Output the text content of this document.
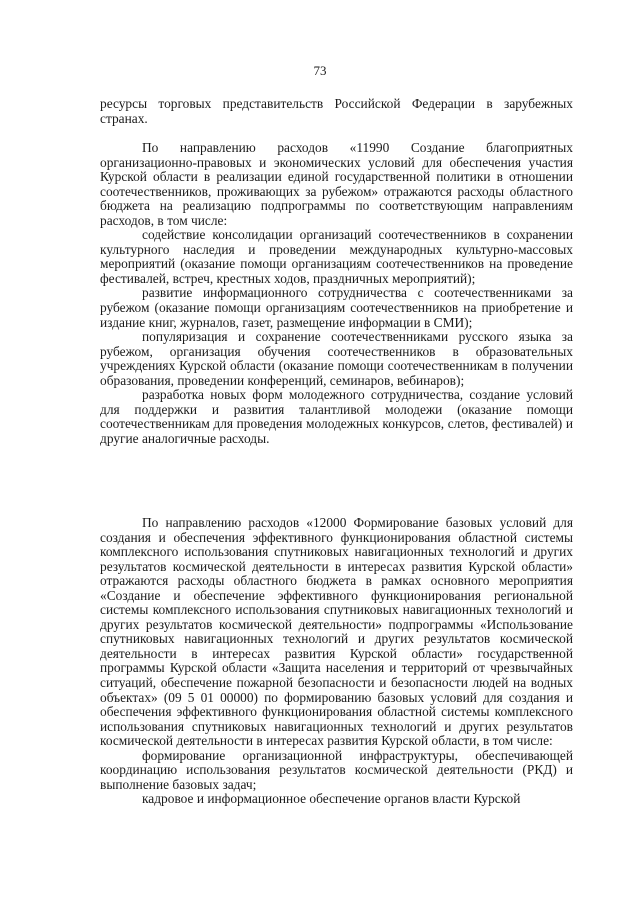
73

ресурсы торговых представительств Российской Федерации в зарубежных странах.

По направлению расходов «11990 Создание благоприятных организационно-правовых и экономических условий для обеспечения участия Курской области в реализации единой государственной политики в отношении соотечественников, проживающих за рубежом» отражаются расходы областного бюджета на реализацию подпрограммы по соответствующим направлениям расходов, в том числе:

содействие консолидации организаций соотечественников в сохранении культурного наследия и проведении международных культурно-массовых мероприятий (оказание помощи организациям соотечественников на проведение фестивалей, встреч, крестных ходов, праздничных мероприятий);

развитие информационного сотрудничества с соотечественниками за рубежом (оказание помощи организациям соотечественников на приобретение и издание книг, журналов, газет, размещение информации в СМИ);

популяризация и сохранение соотечественниками русского языка за рубежом, организация обучения соотечественников в образовательных учреждениях Курской области (оказание помощи соотечественникам в получении образования, проведении конференций, семинаров, вебинаров);

разработка новых форм молодежного сотрудничества, создание условий для поддержки и развития талантливой молодежи (оказание помощи соотечественникам для проведения молодежных конкурсов, слетов, фестивалей) и другие аналогичные расходы.

По направлению расходов «12000 Формирование базовых условий для создания и обеспечения эффективного функционирования областной системы комплексного использования спутниковых навигационных технологий и других результатов космической деятельности в интересах развития Курской области» отражаются расходы областного бюджета в рамках основного мероприятия «Создание и обеспечение эффективного функционирования региональной системы комплексного использования спутниковых навигационных технологий и других результатов космической деятельности» подпрограммы «Использование спутниковых навигационных технологий и других результатов космической деятельности в интересах развития Курской области» государственной программы Курской области «Защита населения и территорий от чрезвычайных ситуаций, обеспечение пожарной безопасности и безопасности людей на водных объектах» (09 5 01 00000) по формированию базовых условий для создания и обеспечения эффективного функционирования областной системы комплексного использования спутниковых навигационных технологий и других результатов космической деятельности в интересах развития Курской области, в том числе:

формирование организационной инфраструктуры, обеспечивающей координацию использования результатов космической деятельности (РКД) и выполнение базовых задач;

кадровое и информационное обеспечение органов власти Курской
